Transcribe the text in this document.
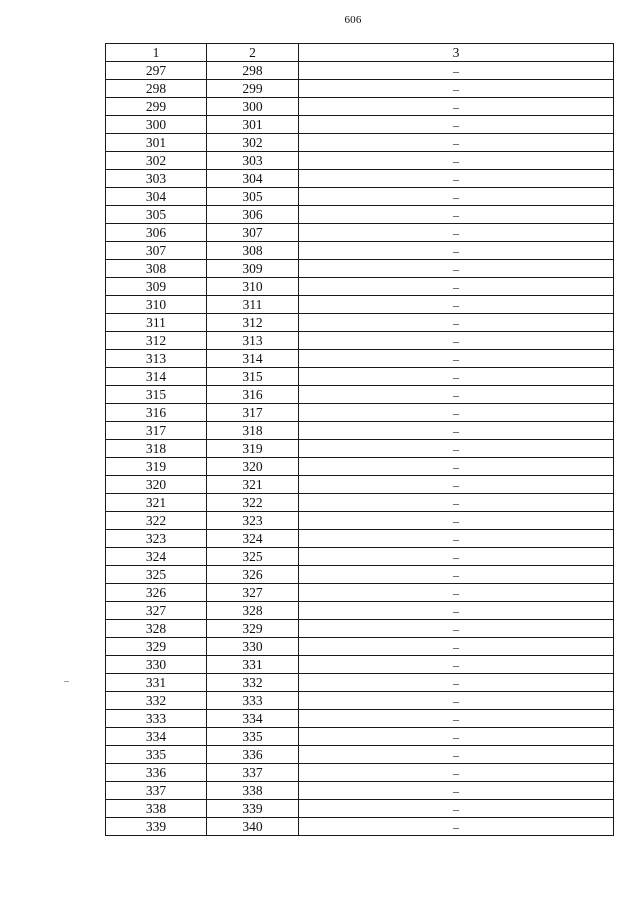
606
1	2	3
297	298	–
298	299	–
299	300	–
300	301	–
301	302	–
302	303	–
303	304	–
304	305	–
305	306	–
306	307	–
307	308	–
308	309	–
309	310	–
310	311	–
311	312	–
312	313	–
313	314	–
314	315	–
315	316	–
316	317	–
317	318	–
318	319	–
319	320	–
320	321	–
321	322	–
322	323	–
323	324	–
324	325	–
325	326	–
326	327	–
327	328	–
328	329	–
329	330	–
330	331	–
331	332	–
332	333	–
333	334	–
334	335	–
335	336	–
336	337	–
337	338	–
338	339	–
339	340	–
